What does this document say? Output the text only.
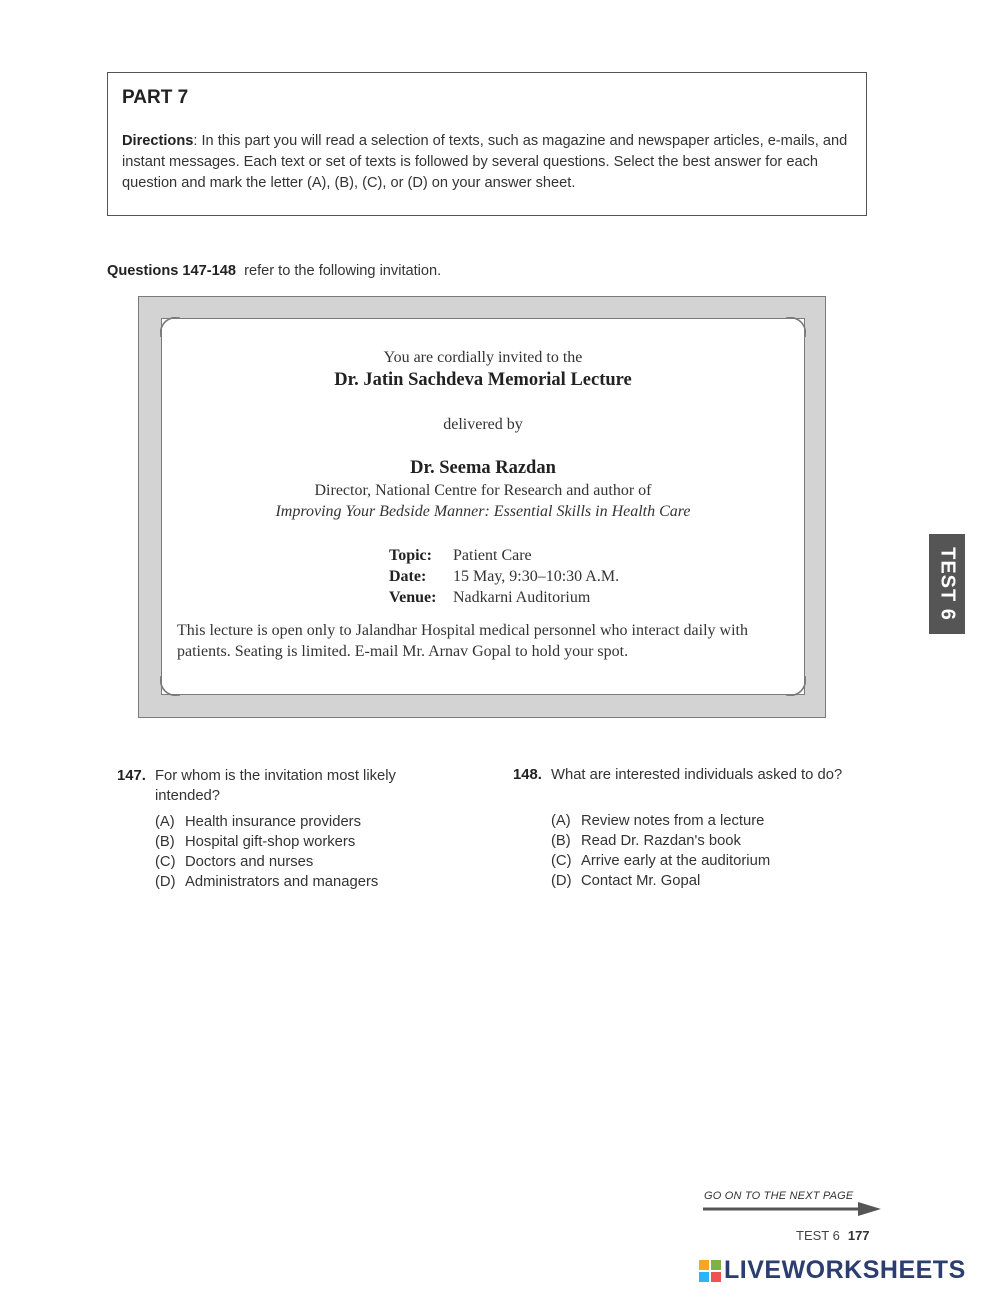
PART 7
Directions: In this part you will read a selection of texts, such as magazine and newspaper articles, e-mails, and instant messages. Each text or set of texts is followed by several questions. Select the best answer for each question and mark the letter (A), (B), (C), or (D) on your answer sheet.
Questions 147-148 refer to the following invitation.
You are cordially invited to the
Dr. Jatin Sachdeva Memorial Lecture
delivered by
Dr. Seema Razdan
Director, National Centre for Research and author of
Improving Your Bedside Manner: Essential Skills in Health Care
Topic: Patient Care
Date: 15 May, 9:30–10:30 A.M.
Venue: Nadkarni Auditorium
This lecture is open only to Jalandhar Hospital medical personnel who interact daily with patients. Seating is limited. E-mail Mr. Arnav Gopal to hold your spot.
TEST 6
147. For whom is the invitation most likely intended?
(A) Health insurance providers
(B) Hospital gift-shop workers
(C) Doctors and nurses
(D) Administrators and managers
148. What are interested individuals asked to do?
(A) Review notes from a lecture
(B) Read Dr. Razdan's book
(C) Arrive early at the auditorium
(D) Contact Mr. Gopal
GO ON TO THE NEXT PAGE
TEST 6 177
LIVEWORKSHEETS
